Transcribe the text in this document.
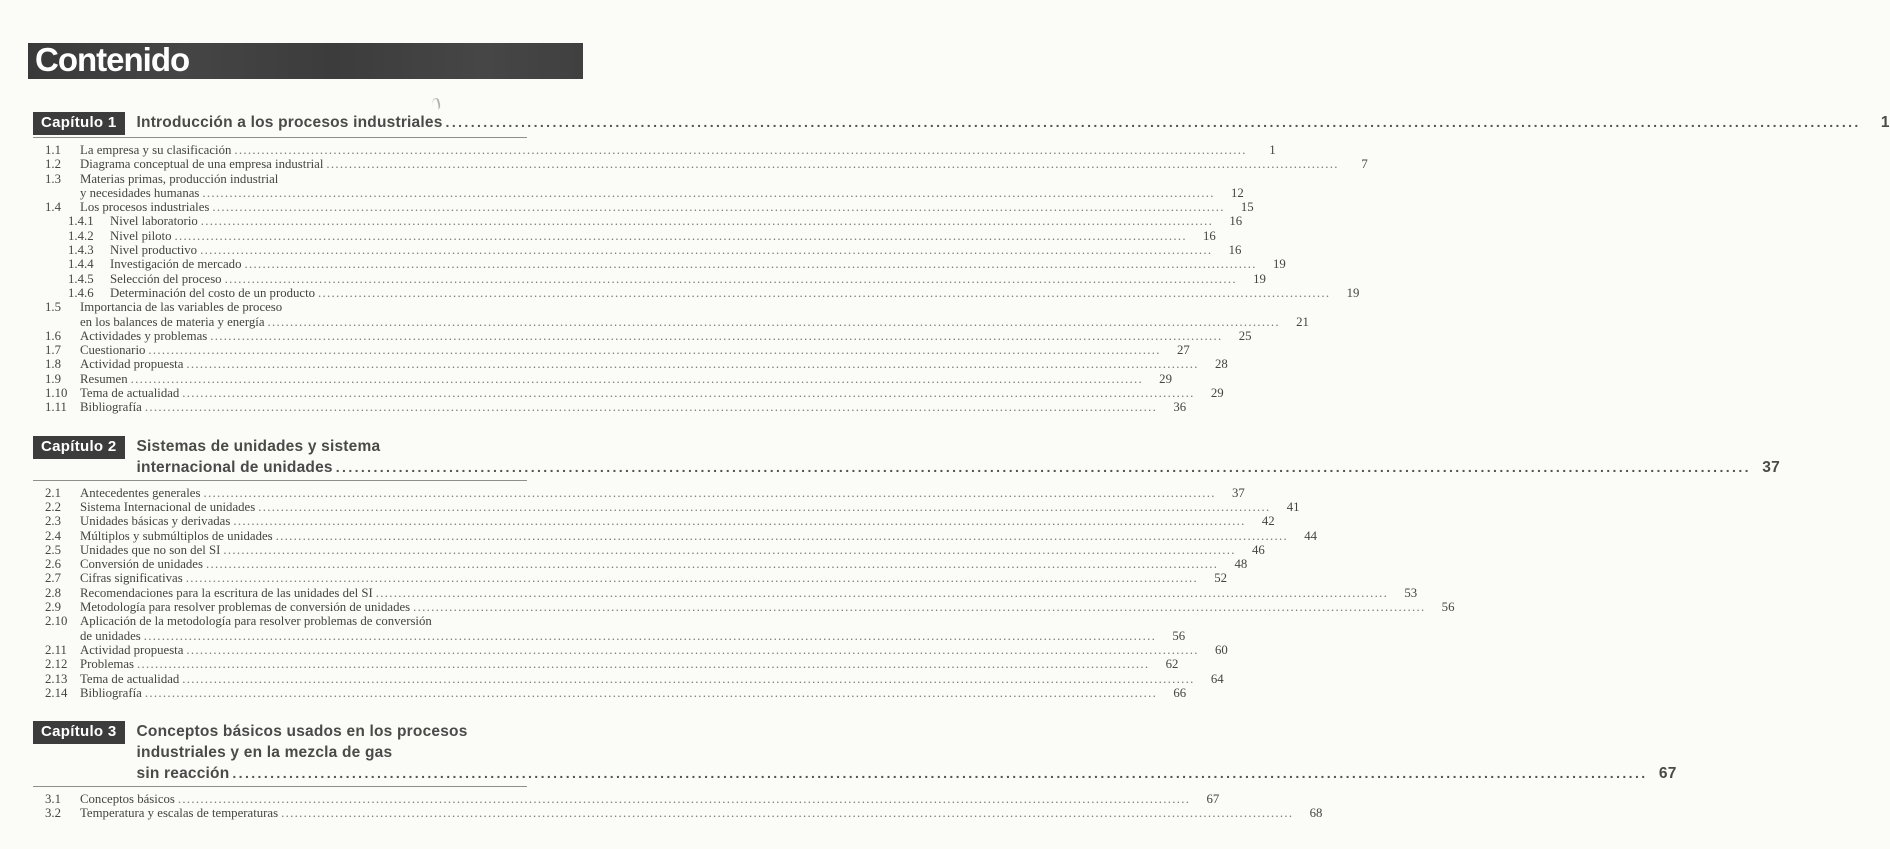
Contenido
Capítulo 1	Introducción a los procesos industriales .....	1
1.1	La empresa y su clasificación .....	1
1.2	Diagrama conceptual de una empresa industrial .....	7
1.3	Materias primas, producción industrial
y necesidades humanas .....	12
1.4	Los procesos industriales .....	15
1.4.1	Nivel laboratorio .....	16
1.4.2	Nivel piloto .....	16
1.4.3	Nivel productivo .....	16
1.4.4	Investigación de mercado .....	19
1.4.5	Selección del proceso .....	19
1.4.6	Determinación del costo de un producto .....	19
1.5	Importancia de las variables de proceso
en los balances de materia y energía .....	21
1.6	Actividades y problemas .....	25
1.7	Cuestionario .....	27
1.8	Actividad propuesta .....	28
1.9	Resumen .....	29
1.10 Tema de actualidad .....	29
1.11	Bibliografía .....	36
Capítulo 2	Sistemas de unidades y sistema
internacional de unidades .....	37
2.1	Antecedentes generales .....	37
2.2	Sistema Internacional de unidades .....	41
2.3	Unidades básicas y derivadas .....	42
2.4	Múltiplos y submúltiplos de unidades .....	44
2.5	Unidades que no son del SI .....	46
2.6	Conversión de unidades .....	48
2.7	Cifras significativas .....	52
2.8	Recomendaciones para la escritura de las unidades del SI .....	53
2.9	Metodología para resolver problemas de conversión de unidades .....	56
2.10 Aplicación de la metodología para resolver problemas de conversión
de unidades .....	56
2.11	Actividad propuesta .....	60
2.12 Problemas .....	62
2.13 Tema de actualidad .....	64
2.14 Bibliografía .....	66
Capítulo 3	Conceptos básicos usados en los procesos
industriales y en la mezcla de gas
sin reacción .....	67
3.1	Conceptos básicos .....	67
3.2	Temperatura y escalas de temperaturas .....	68
